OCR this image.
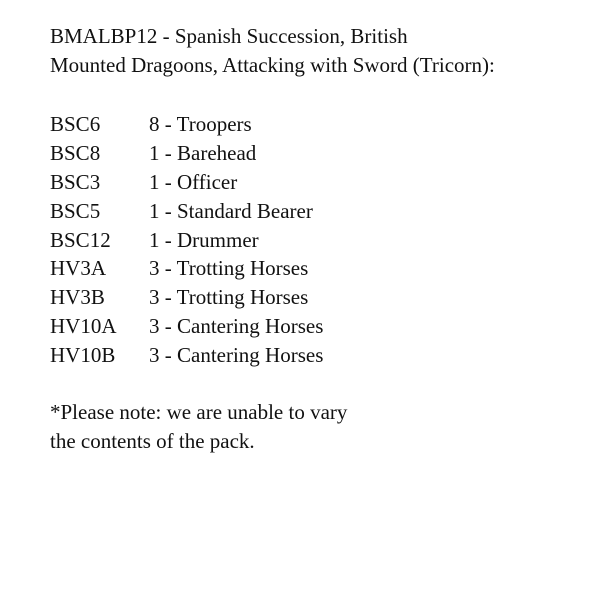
BMALBP12 - Spanish Succession, British
Mounted Dragoons, Attacking with Sword (Tricorn):
BSC6 8 - Troopers
BSC8 1 - Barehead
BSC3 1 - Officer
BSC5 1 - Standard Bearer
BSC12 1 - Drummer
HV3A 3 - Trotting Horses
HV3B 3 - Trotting Horses
HV10A 3 - Cantering Horses
HV10B 3 - Cantering Horses

*Please note: we are unable to vary
the contents of the pack.
